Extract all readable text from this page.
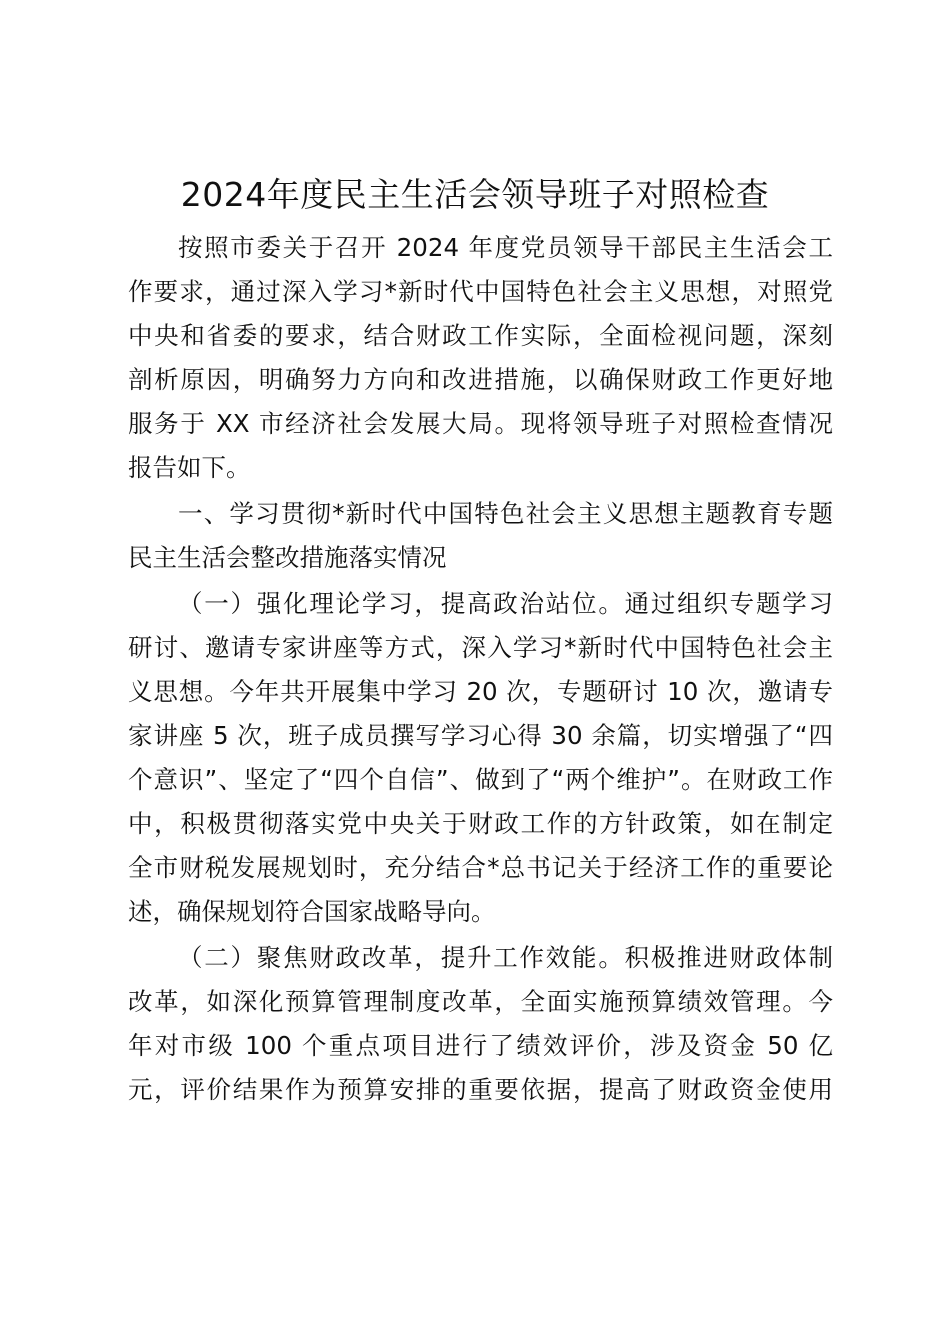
2024年度民主生活会领导班子对照检查
按照市委关于召开 2024 年度党员领导干部民主生活会工
作要求，通过深入学习*新时代中国特色社会主义思想，对照党
中央和省委的要求，结合财政工作实际，全面检视问题，深刻
剖析原因，明确努力方向和改进措施，以确保财政工作更好地
服务于 XX 市经济社会发展大局。现将领导班子对照检查情况
报告如下。
一、学习贯彻*新时代中国特色社会主义思想主题教育专题
民主生活会整改措施落实情况
（一）强化理论学习，提高政治站位。通过组织专题学习
研讨、邀请专家讲座等方式，深入学习*新时代中国特色社会主
义思想。今年共开展集中学习 20 次，专题研讨 10 次，邀请专
家讲座 5 次，班子成员撰写学习心得 30 余篇，切实增强了“四
个意识”、坚定了“四个自信”、做到了“两个维护”。在财政工作
中，积极贯彻落实党中央关于财政工作的方针政策，如在制定
全市财税发展规划时，充分结合*总书记关于经济工作的重要论
述，确保规划符合国家战略导向。
（二）聚焦财政改革，提升工作效能。积极推进财政体制
改革，如深化预算管理制度改革，全面实施预算绩效管理。今
年对市级 100 个重点项目进行了绩效评价，涉及资金 50 亿
元，评价结果作为预算安排的重要依据，提高了财政资金使用
